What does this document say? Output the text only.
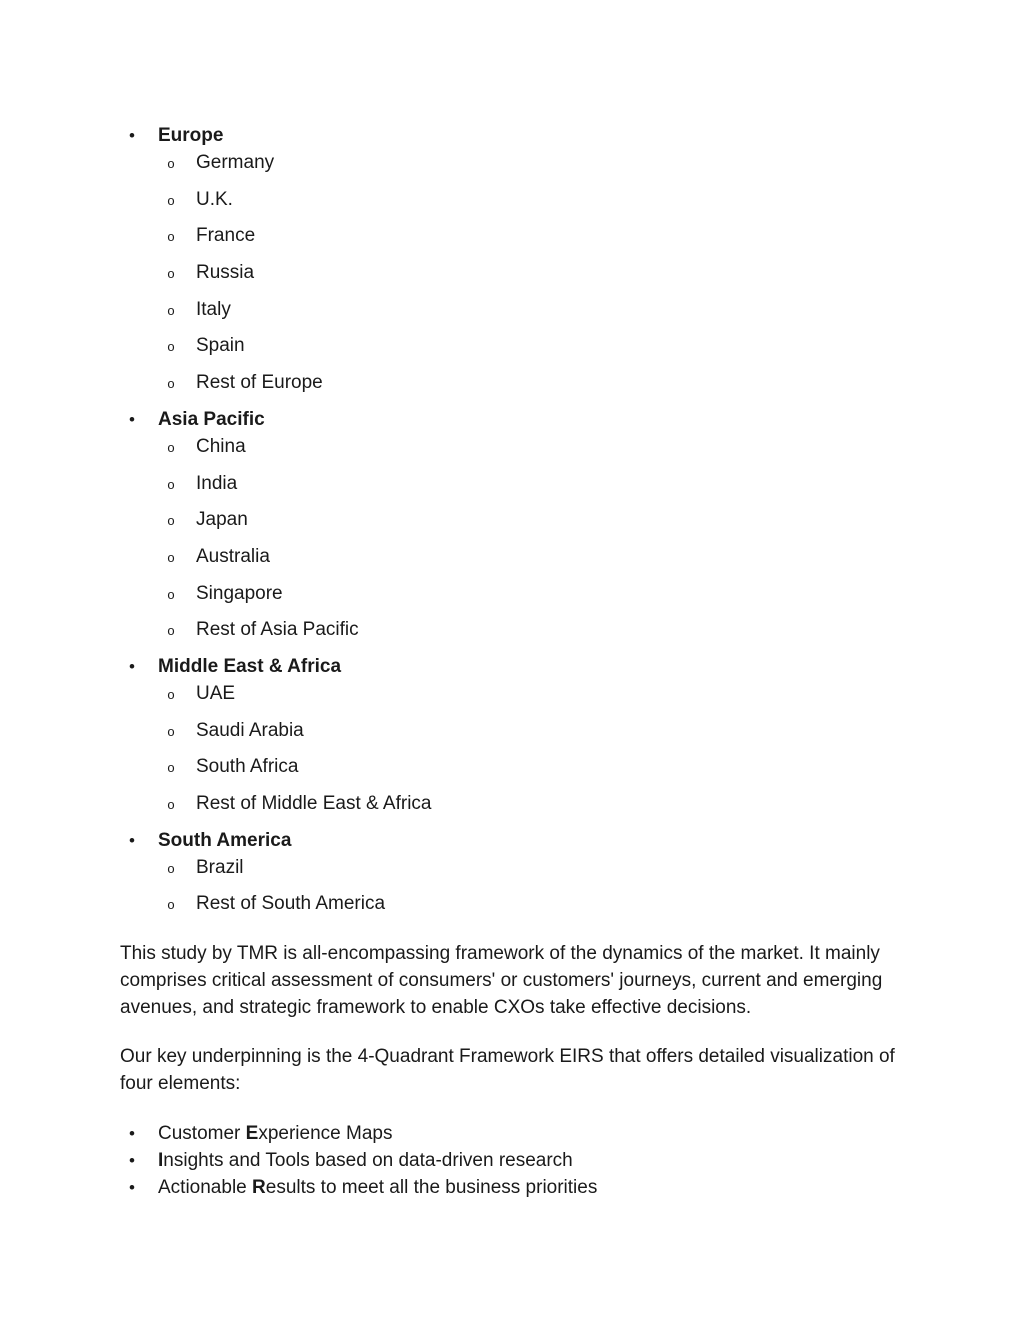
• Europe
o Germany
o U.K.
o France
o Russia
o Italy
o Spain
o Rest of Europe
• Asia Pacific
o China
o India
o Japan
o Australia
o Singapore
o Rest of Asia Pacific
• Middle East & Africa
o UAE
o Saudi Arabia
o South Africa
o Rest of Middle East & Africa
• South America
o Brazil
o Rest of South America

This study by TMR is all-encompassing framework of the dynamics of the market. It mainly comprises critical assessment of consumers' or customers' journeys, current and emerging avenues, and strategic framework to enable CXOs take effective decisions.

Our key underpinning is the 4-Quadrant Framework EIRS that offers detailed visualization of four elements:

• Customer Experience Maps
• Insights and Tools based on data-driven research
• Actionable Results to meet all the business priorities
